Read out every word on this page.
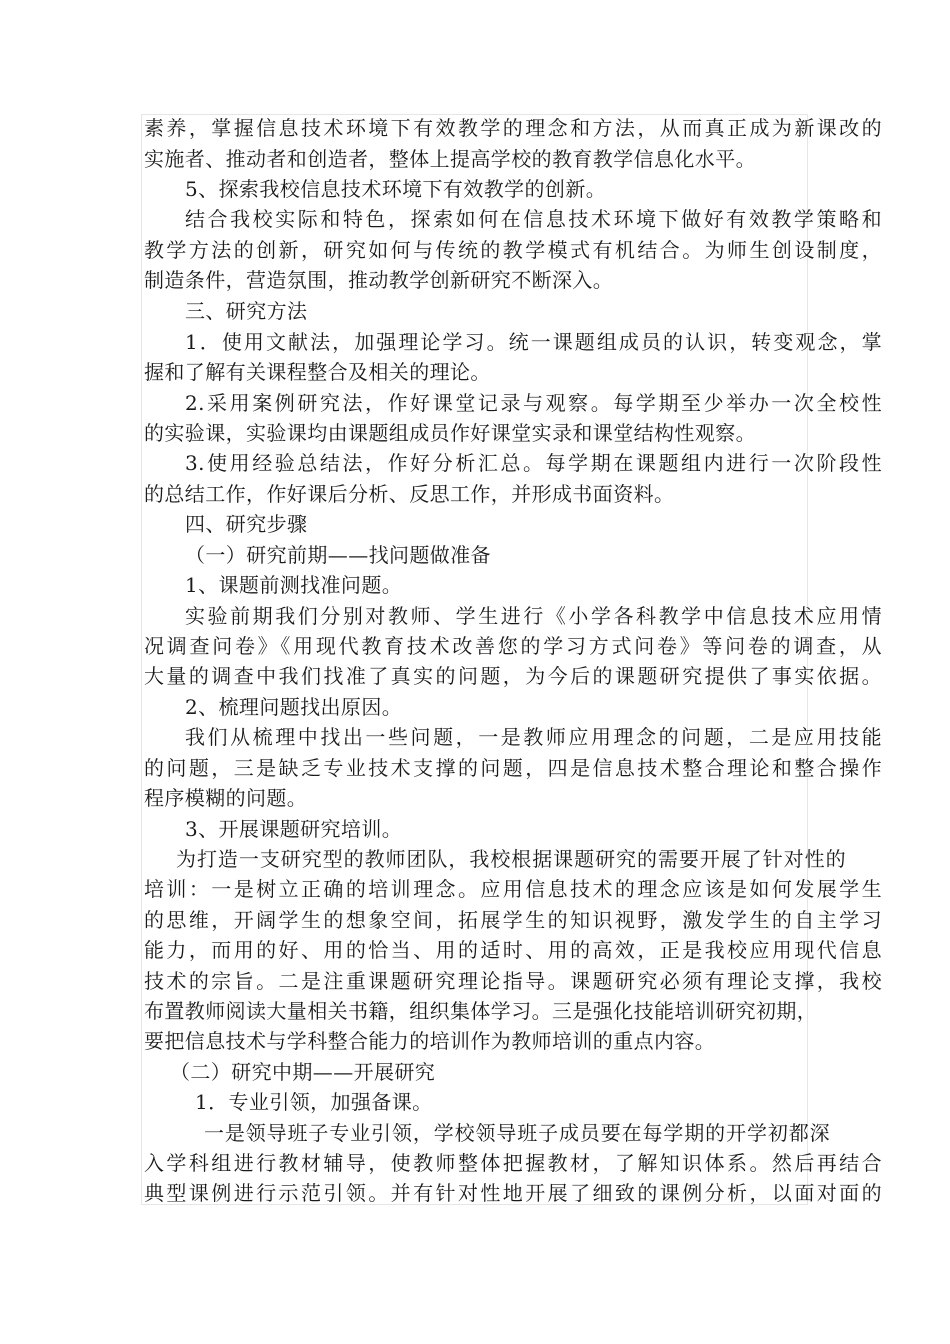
素养，掌握信息技术环境下有效教学的理念和方法，从而真正成为新课改的
实施者、推动者和创造者，整体上提高学校的教育教学信息化水平。
5、探索我校信息技术环境下有效教学的创新。
结合我校实际和特色，探索如何在信息技术环境下做好有效教学策略和
教学方法的创新，研究如何与传统的教学模式有机结合。为师生创设制度，
制造条件，营造氛围，推动教学创新研究不断深入。
三、研究方法
1．使用文献法，加强理论学习。统一课题组成员的认识，转变观念，掌
握和了解有关课程整合及相关的理论。
2.采用案例研究法，作好课堂记录与观察。每学期至少举办一次全校性
的实验课，实验课均由课题组成员作好课堂实录和课堂结构性观察。
3.使用经验总结法，作好分析汇总。每学期在课题组内进行一次阶段性
的总结工作，作好课后分析、反思工作，并形成书面资料。
四、研究步骤
（一）研究前期——找问题做准备
1、课题前测找准问题。
实验前期我们分别对教师、学生进行《小学各科教学中信息技术应用情
况调查问卷》《用现代教育技术改善您的学习方式问卷》等问卷的调查，从
大量的调查中我们找准了真实的问题，为今后的课题研究提供了事实依据。
2、梳理问题找出原因。
我们从梳理中找出一些问题，一是教师应用理念的问题，二是应用技能
的问题，三是缺乏专业技术支撑的问题，四是信息技术整合理论和整合操作
程序模糊的问题。
3、开展课题研究培训。
为打造一支研究型的教师团队，我校根据课题研究的需要开展了针对性的
培训：一是树立正确的培训理念。应用信息技术的理念应该是如何发展学生
的思维，开阔学生的想象空间，拓展学生的知识视野，激发学生的自主学习
能力，而用的好、用的恰当、用的适时、用的高效，正是我校应用现代信息
技术的宗旨。二是注重课题研究理论指导。课题研究必须有理论支撑，我校
布置教师阅读大量相关书籍，组织集体学习。三是强化技能培训研究初期，
要把信息技术与学科整合能力的培训作为教师培训的重点内容。
（二）研究中期——开展研究
1．专业引领，加强备课。
一是领导班子专业引领，学校领导班子成员要在每学期的开学初都深
入学科组进行教材辅导，使教师整体把握教材，了解知识体系。然后再结合
典型课例进行示范引领。并有针对性地开展了细致的课例分析，以面对面的
